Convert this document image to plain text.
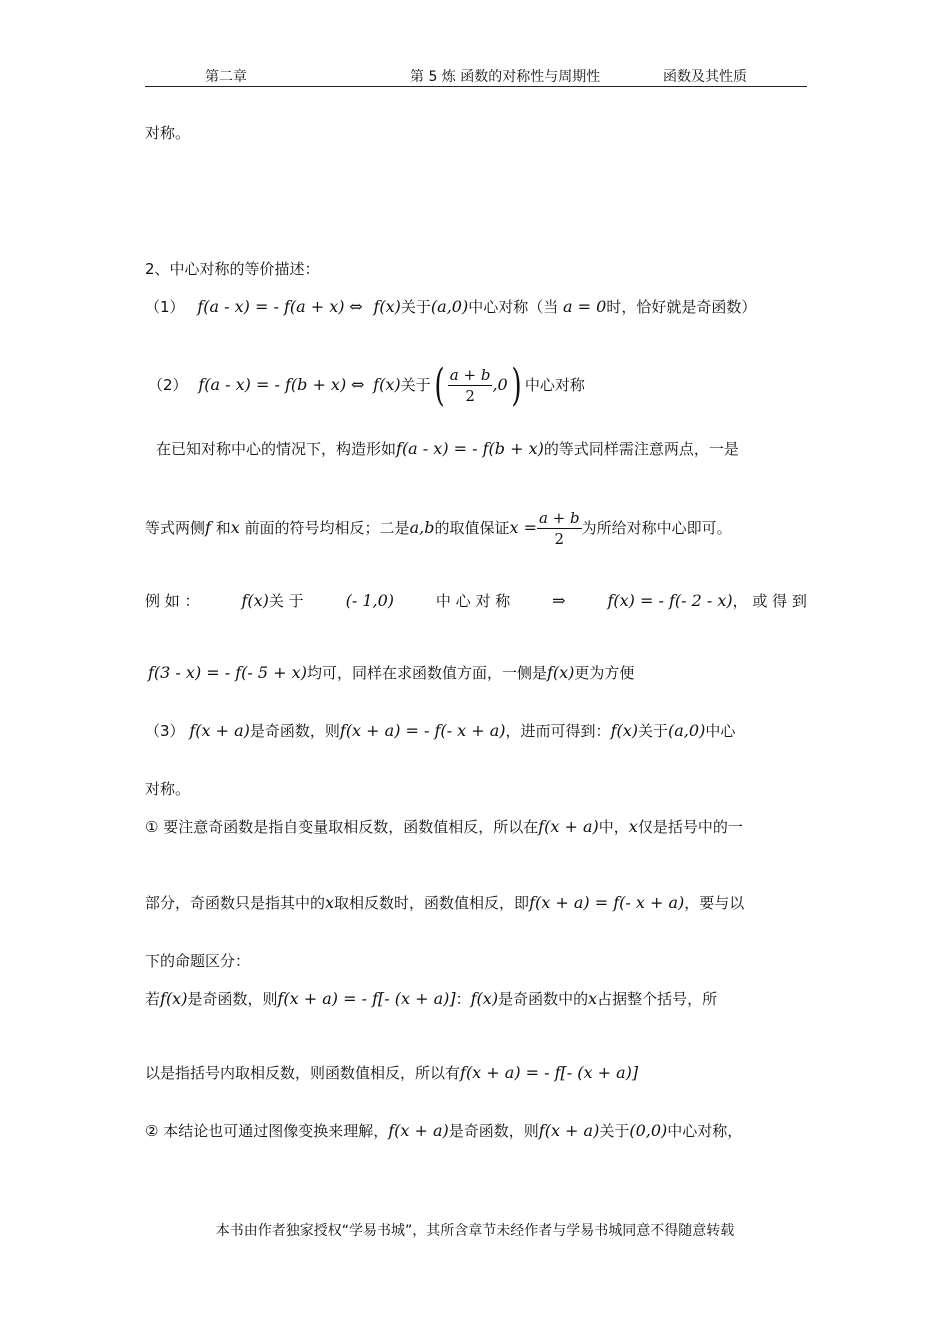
第二章	第 5 炼 函数的对称性与周期性	函数及其性质
对称。
2、中心对称的等价描述：
（1） f(a - x) = - f(a + x) ⇔ f(x)关于(a,0)中心对称（当 a = 0时，恰好就是奇函数）
（2） f(a - x) = - f(b + x) ⇔ f(x)关于( $\frac{a + b}{2} ,0$) 中心对称
在已知对称中心的情况下，构造形如f(a - x) = - f(b + x)的等式同样需注意两点，一是
等式两侧f 和x 前面的符号均相反；二是a,b的取值保证$x = \frac{a + b}{2}$ 为所给对称中心即可。
例 如 ：	f(x)关 于	(- 1,0)	中 心 对 称	⇒	f(x) = - f(- 2 - x)， 或 得 到
f(3 - x) = - f(- 5 + x)均可，同样在求函数值方面，一侧是f(x)更为方便
（3） f(x + a)是奇函数，则f(x + a) = - f(- x + a)，进而可得到：f(x)关于(a,0)中心
对称。
① 要注意奇函数是指自变量取相反数，函数值相反，所以在f(x + a)中，x仅是括号中的一
部分，奇函数只是指其中的x取相反数时，函数值相反，即f(x + a) = f(- x + a)，要与以
下的命题区分：
若f(x)是奇函数，则f(x + a) = - f[- (x + a)]：f(x)是奇函数中的x占据整个括号，所
以是指括号内取相反数，则函数值相反，所以有f(x + a) = - f[- (x + a)]
② 本结论也可通过图像变换来理解，f(x + a)是奇函数，则f(x + a)关于(0,0)中心对称，
本书由作者独家授权“学易书城”，其所含章节未经作者与学易书城同意不得随意转载
